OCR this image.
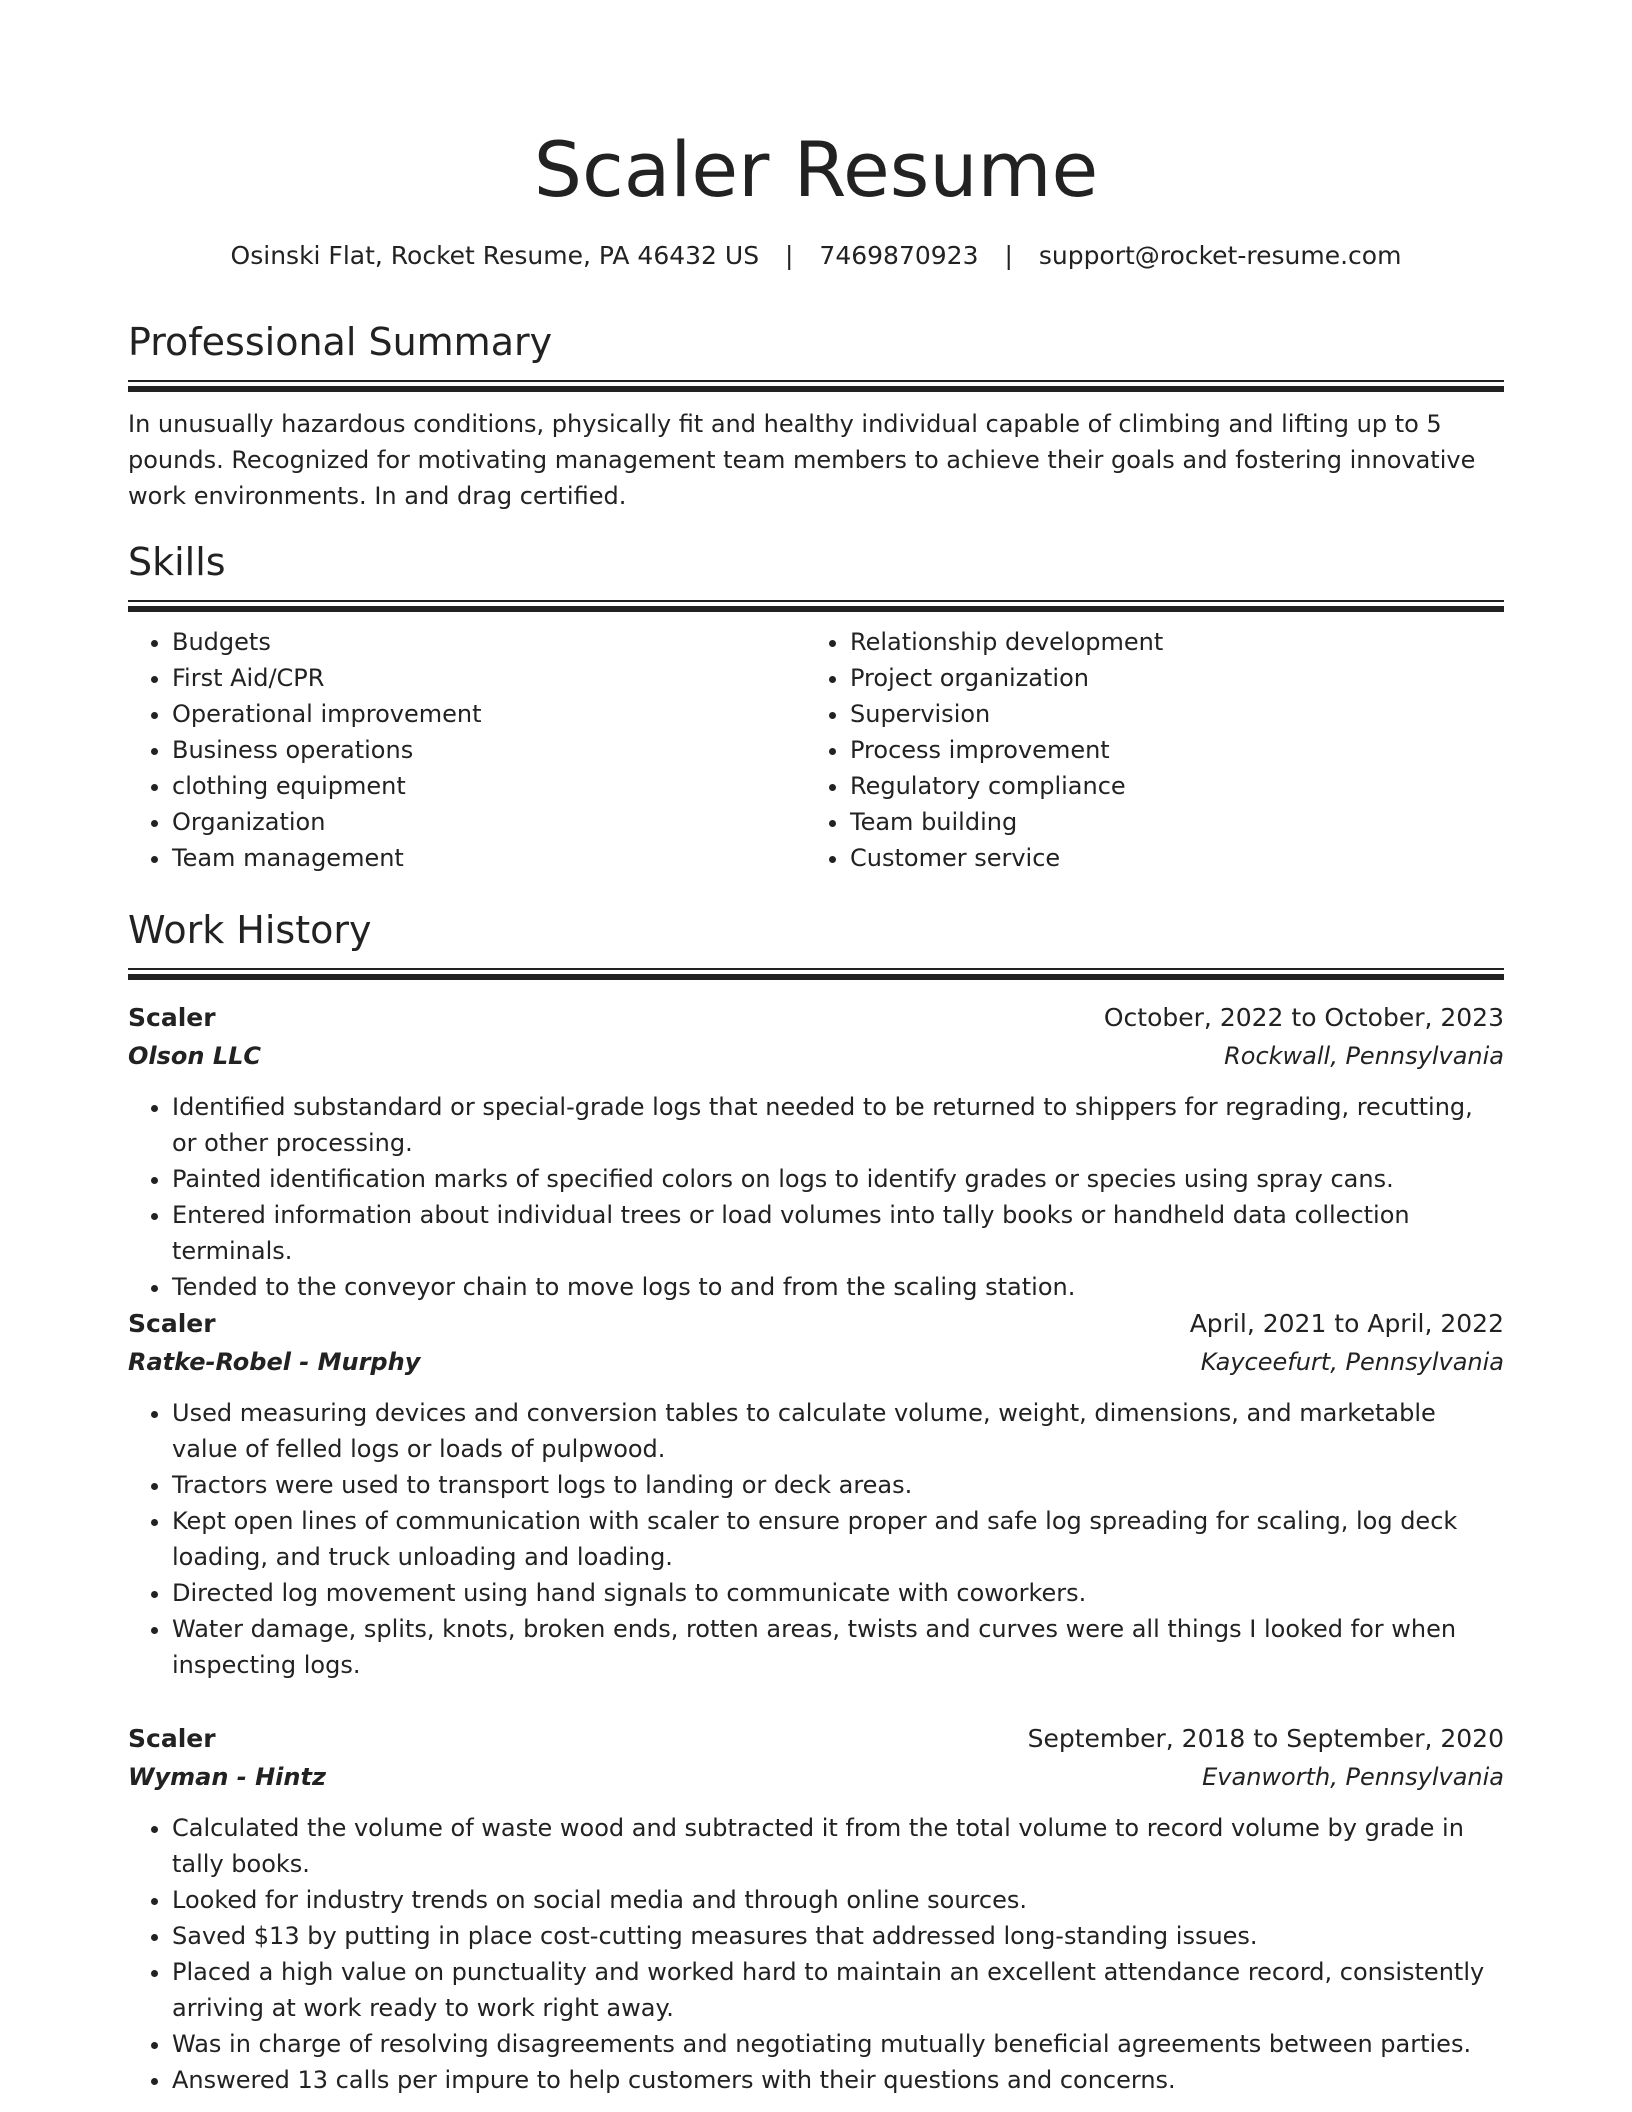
Scaler Resume
Osinski Flat, Rocket Resume, PA 46432 US | 7469870923 | support@rocket-resume.com
Professional Summary
In unusually hazardous conditions, physically fit and healthy individual capable of climbing and lifting up to 5 pounds. Recognized for motivating management team members to achieve their goals and fostering innovative work environments. In and drag certified.
Skills
• Budgets
• First Aid/CPR
• Operational improvement
• Business operations
• clothing equipment
• Organization
• Team management
• Relationship development
• Project organization
• Supervision
• Process improvement
• Regulatory compliance
• Team building
• Customer service
Work History
Scaler	October, 2022 to October, 2023
Olson LLC	Rockwall, Pennsylvania
• Identified substandard or special-grade logs that needed to be returned to shippers for regrading, recutting, or other processing.
• Painted identification marks of specified colors on logs to identify grades or species using spray cans.
• Entered information about individual trees or load volumes into tally books or handheld data collection terminals.
• Tended to the conveyor chain to move logs to and from the scaling station.
Scaler	April, 2021 to April, 2022
Ratke-Robel - Murphy	Kayceefurt, Pennsylvania
• Used measuring devices and conversion tables to calculate volume, weight, dimensions, and marketable value of felled logs or loads of pulpwood.
• Tractors were used to transport logs to landing or deck areas.
• Kept open lines of communication with scaler to ensure proper and safe log spreading for scaling, log deck loading, and truck unloading and loading.
• Directed log movement using hand signals to communicate with coworkers.
• Water damage, splits, knots, broken ends, rotten areas, twists and curves were all things I looked for when inspecting logs.
Scaler	September, 2018 to September, 2020
Wyman - Hintz	Evanworth, Pennsylvania
• Calculated the volume of waste wood and subtracted it from the total volume to record volume by grade in tally books.
• Looked for industry trends on social media and through online sources.
• Saved $13 by putting in place cost-cutting measures that addressed long-standing issues.
• Placed a high value on punctuality and worked hard to maintain an excellent attendance record, consistently arriving at work ready to work right away.
• Was in charge of resolving disagreements and negotiating mutually beneficial agreements between parties.
• Answered 13 calls per impure to help customers with their questions and concerns.
